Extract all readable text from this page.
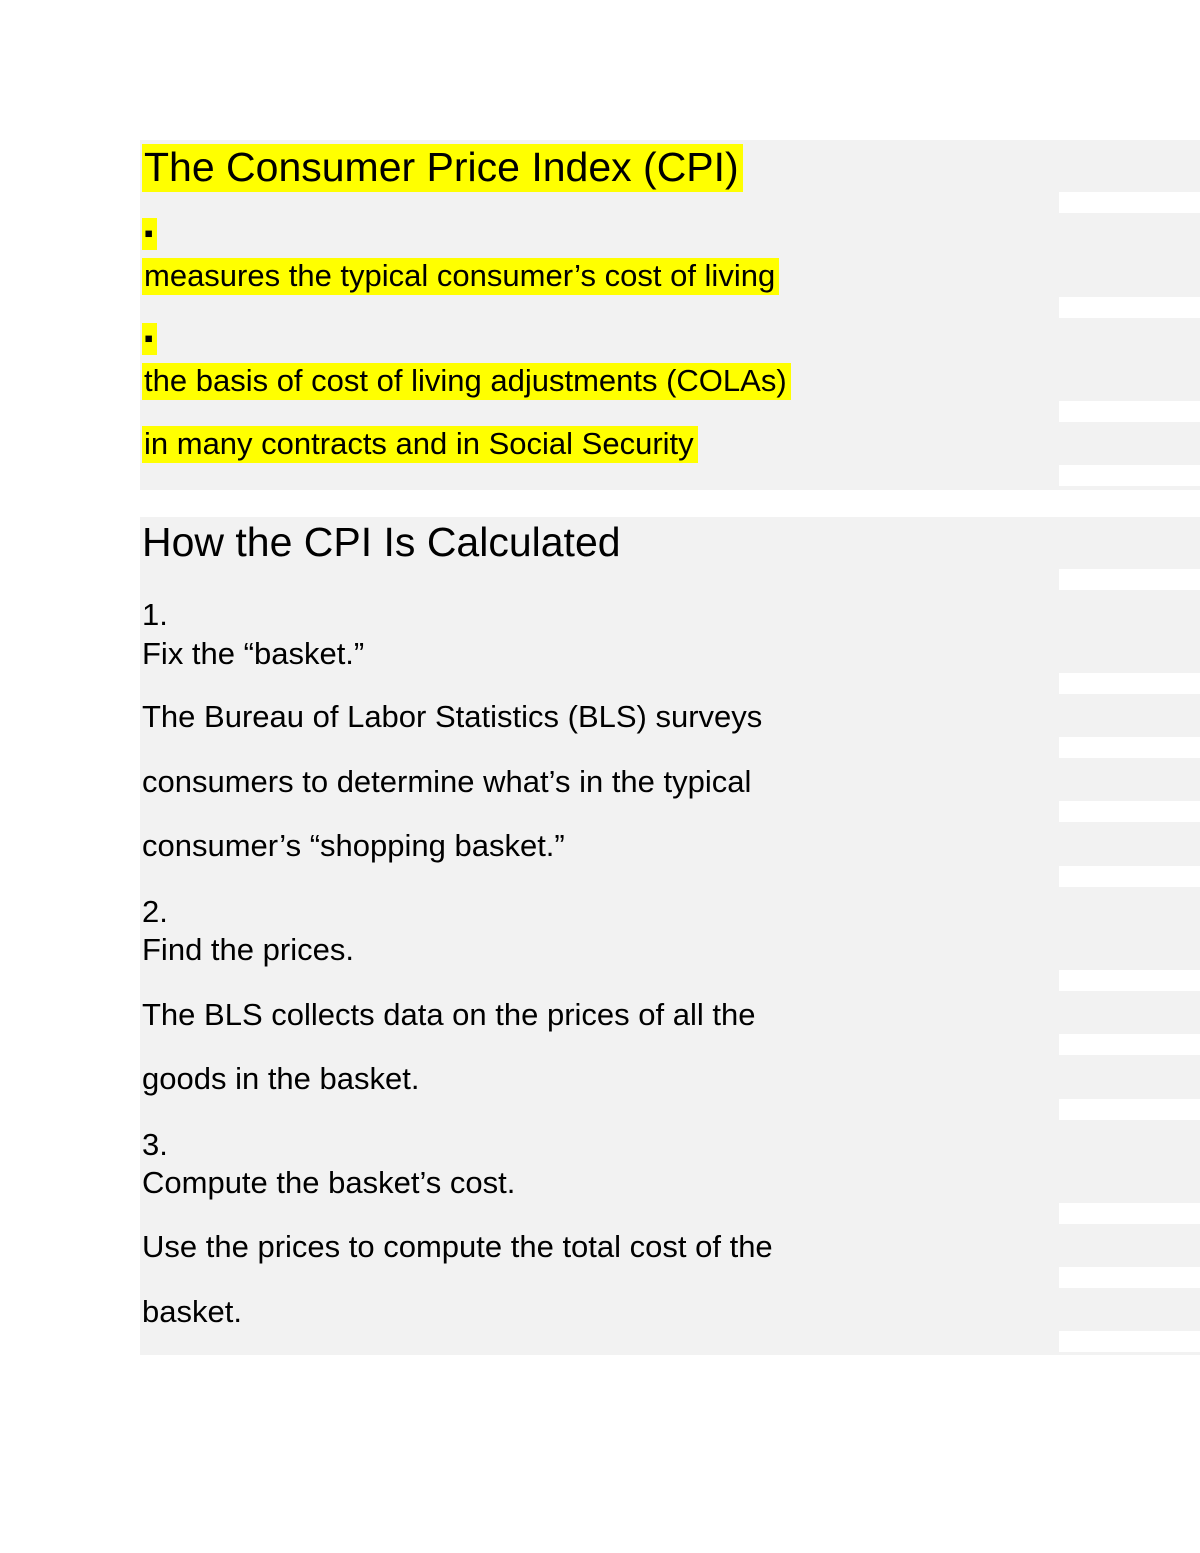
The Consumer Price Index (CPI)
▪
measures the typical consumer’s cost of living
▪
the basis of cost of living adjustments (COLAs)
in many contracts and in Social Security
How the CPI Is Calculated
1.
Fix the “basket.”
The Bureau of Labor Statistics (BLS) surveys
consumers to determine what’s in the typical
consumer’s “shopping basket.”
2.
Find the prices.
The BLS collects data on the prices of all the
goods in the basket.
3.
Compute the basket’s cost.
Use the prices to compute the total cost of the
basket.
